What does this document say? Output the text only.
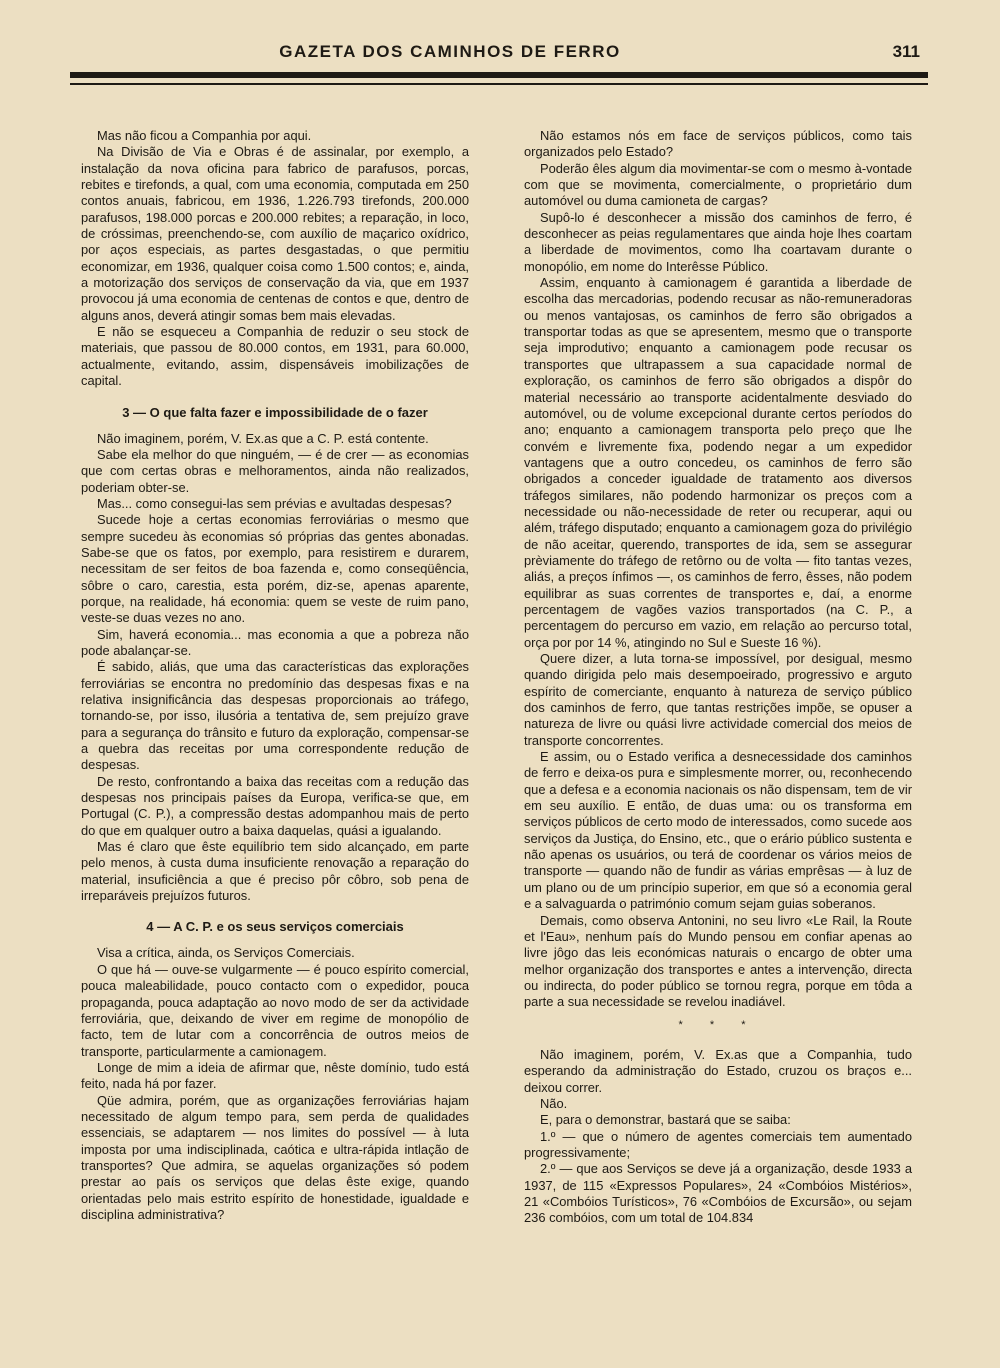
GAZETA DOS CAMINHOS DE FERRO	311

Mas não ficou a Companhia por aqui.

Na Divisão de Via e Obras é de assinalar, por exemplo, a instalação da nova oficina para fabrico de parafusos, porcas, rebites e tirefonds, a qual, com uma economia, computada em 250 contos anuais, fabricou, em 1936, 1.226.793 tirefonds, 200.000 parafusos, 198.000 porcas e 200.000 rebites; a reparação, in loco, de cróssimas, preenchendo-se, com auxílio de maçarico oxídrico, por aços especiais, as partes desgastadas, o que permitiu economizar, em 1936, qualquer coisa como 1.500 contos; e, ainda, a motorização dos serviços de conservação da via, que em 1937 provocou já uma economia de centenas de contos e que, dentro de alguns anos, deverá atingir somas bem mais elevadas.

E não se esqueceu a Companhia de reduzir o seu stock de materiais, que passou de 80.000 contos, em 1931, para 60.000, actualmente, evitando, assim, dispensáveis imobilizações de capital.

3 — O que falta fazer e impossibilidade de o fazer

Não imaginem, porém, V. Ex.as que a C. P. está contente.

Sabe ela melhor do que ninguém, — é de crer — as economias que com certas obras e melhoramentos, ainda não realizados, poderiam obter-se.

Mas... como consegui-las sem prévias e avultadas despesas?

Sucede hoje a certas economias ferroviárias o mesmo que sempre sucedeu às economias só próprias das gentes abonadas. Sabe-se que os fatos, por exemplo, para resistirem e durarem, necessitam de ser feitos de boa fazenda e, como conseqüência, sôbre o caro, carestia, esta porém, diz-se, apenas aparente, porque, na realidade, há economia: quem se veste de ruim pano, veste-se duas vezes no ano.

Sim, haverá economia... mas economia a que a pobreza não pode abalançar-se.

É sabido, aliás, que uma das características das explorações ferroviárias se encontra no predomínio das despesas fixas e na relativa insignificância das despesas proporcionais ao tráfego, tornando-se, por isso, ilusória a tentativa de, sem prejuízo grave para a segurança do trânsito e futuro da exploração, compensar-se a quebra das receitas por uma correspondente redução de despesas.

De resto, confrontando a baixa das receitas com a redução das despesas nos principais países da Europa, verifica-se que, em Portugal (C. P.), a compressão destas adompanhou mais de perto do que em qualquer outro a baixa daquelas, quási a igualando.

Mas é claro que êste equilíbrio tem sido alcançado, em parte pelo menos, à custa duma insuficiente renovação a reparação do material, insuficiência a que é preciso pôr côbro, sob pena de irreparáveis prejuízos futuros.

4 — A C. P. e os seus serviços comerciais

Visa a crítica, ainda, os Serviços Comerciais.

O que há — ouve-se vulgarmente — é pouco espírito comercial, pouca maleabilidade, pouco contacto com o expedidor, pouca propaganda, pouca adaptação ao novo modo de ser da actividade ferroviária, que, deixando de viver em regime de monopólio de facto, tem de lutar com a concorrência de outros meios de transporte, particularmente a camionagem.

Longe de mim a ideia de afirmar que, nêste domínio, tudo está feito, nada há por fazer.

Qüe admira, porém, que as organizações ferroviárias hajam necessitado de algum tempo para, sem perda de qualidades essenciais, se adaptarem — nos limites do possível — à luta imposta por uma indisciplinada, caótica e ultra-rápida intlação de transportes? Que admira, se aquelas organizações só podem prestar ao país os serviços que delas êste exige, quando orientadas pelo mais estrito espírito de honestidade, igualdade e disciplina administrativa?

Não estamos nós em face de serviços públicos, como tais organizados pelo Estado?

Poderão êles algum dia movimentar-se com o mesmo à-vontade com que se movimenta, comercialmente, o proprietário dum automóvel ou duma camioneta de cargas?

Supô-lo é desconhecer a missão dos caminhos de ferro, é desconhecer as peias regulamentares que ainda hoje lhes coartam a liberdade de movimentos, como lha coartavam durante o monopólio, em nome do Interêsse Público.

Assim, enquanto à camionagem é garantida a liberdade de escolha das mercadorias, podendo recusar as não-remuneradoras ou menos vantajosas, os caminhos de ferro são obrigados a transportar todas as que se apresentem, mesmo que o transporte seja improdutivo; enquanto a camionagem pode recusar os transportes que ultrapassem a sua capacidade normal de exploração, os caminhos de ferro são obrigados a dispôr do material necessário ao transporte acidentalmente desviado do automóvel, ou de volume excepcional durante certos períodos do ano; enquanto a camionagem transporta pelo preço que lhe convém e livremente fixa, podendo negar a um expedidor vantagens que a outro concedeu, os caminhos de ferro são obrigados a conceder igualdade de tratamento aos diversos tráfegos similares, não podendo harmonizar os preços com a necessidade ou não-necessidade de reter ou recuperar, aqui ou além, tráfego disputado; enquanto a camionagem goza do privilégio de não aceitar, querendo, transportes de ida, sem se assegurar prèviamente do tráfego de retôrno ou de volta — fito tantas vezes, aliás, a preços ínfimos —, os caminhos de ferro, êsses, não podem equilibrar as suas correntes de transportes e, daí, a enorme percentagem de vagões vazios transportados (na C. P., a percentagem do percurso em vazio, em relação ao percurso total, orça por por 14 %, atingindo no Sul e Sueste 16 %).

Quere dizer, a luta torna-se impossível, por desigual, mesmo quando dirigida pelo mais desempoeirado, progressivo e arguto espírito de comerciante, enquanto à natureza de serviço público dos caminhos de ferro, que tantas restrições impõe, se opuser a natureza de livre ou quási livre actividade comercial dos meios de transporte concorrentes.

E assim, ou o Estado verifica a desnecessidade dos caminhos de ferro e deixa-os pura e simplesmente morrer, ou, reconhecendo que a defesa e a economia nacionais os não dispensam, tem de vir em seu auxílio. E então, de duas uma: ou os transforma em serviços públicos de certo modo de interessados, como sucede aos serviços da Justiça, do Ensino, etc., que o erário público sustenta e não apenas os usuários, ou terá de coordenar os vários meios de transporte — quando não de fundir as várias emprêsas — à luz de um plano ou de um princípio superior, em que só a economia geral e a salvaguarda o património comum sejam guias soberanos.

Demais, como observa Antonini, no seu livro «Le Rail, la Route et l'Eau», nenhum país do Mundo pensou em confiar apenas ao livre jôgo das leis económicas naturais o encargo de obter uma melhor organização dos transportes e antes a intervenção, directa ou indirecta, do poder público se tornou regra, porque em tôda a parte a sua necessidade se revelou inadiável.

* * *

Não imaginem, porém, V. Ex.as que a Companhia, tudo esperando da administração do Estado, cruzou os braços e... deixou correr.

Não.

E, para o demonstrar, bastará que se saiba:

1.º — que o número de agentes comerciais tem aumentado progressivamente;

2.º — que aos Serviços se deve já a organização, desde 1933 a 1937, de 115 «Expressos Populares», 24 «Combóios Mistérios», 21 «Combóios Turísticos», 76 «Combóios de Excursão», ou sejam 236 combóios, com um total de 104.834
